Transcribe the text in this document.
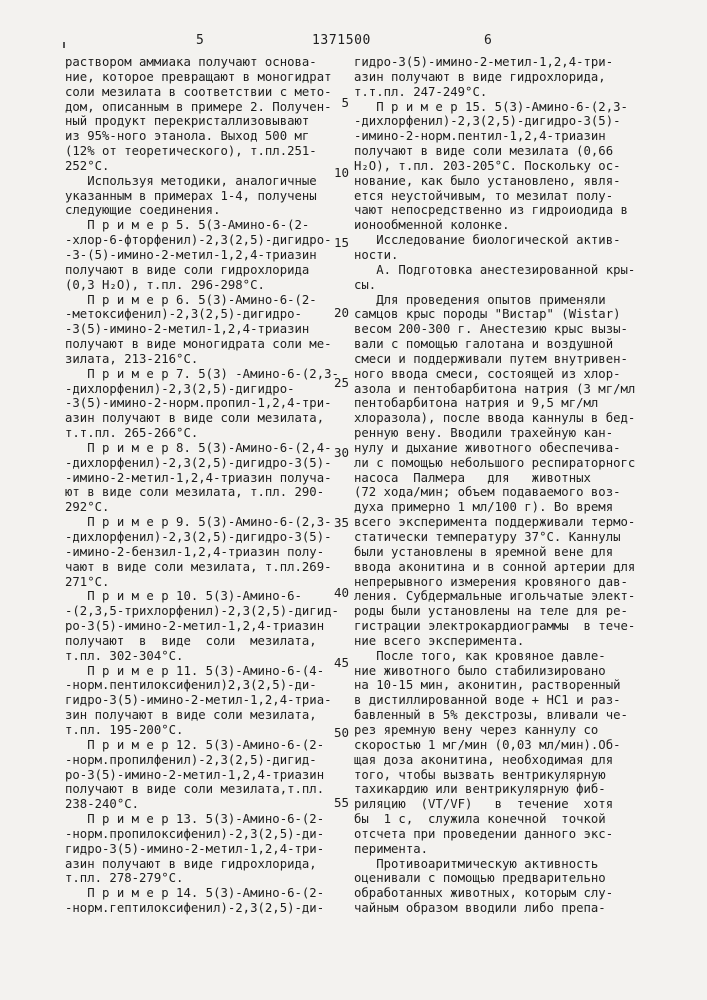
5	1371500	6
раствором аммиака получают основа-
ние, которое превращают в моногидрат
соли мезилата в соответствии с мето-
дом, описанным в примере 2. Получен-
ный продукт перекристаллизовывают
из 95%-ного этанола. Выход 500 мг
(12% от теоретического), т.пл.251-
252°С.
Используя методики, аналогичные
указанным в примерах 1-4, получены
следующие соединения.
П р и м е р 5. 5(3-Амино-6-(2-
-хлор-6-фторфенил)-2,3(2,5)-дигидро-
-3-(5)-имино-2-метил-1,2,4-триазин
получают в виде соли гидрохлорида
(0,3 H₂O), т.пл. 296-298°С.
П р и м е р 6. 5(3)-Амино-6-(2-
-метоксифенил)-2,3(2,5)-дигидро-
-3(5)-имино-2-метил-1,2,4-триазин
получают в виде моногидрата соли ме-
зилата, 213-216°С.
П р и м е р 7. 5(3) -Амино-6-(2,3-
-дихлорфенил)-2,3(2,5)-дигидро-
-3(5)-имино-2-норм.пропил-1,2,4-три-
азин получают в виде соли мезилата,
т.т.пл. 265-266°С.
П р и м е р 8. 5(3)-Амино-6-(2,4-
-дихлорфенил)-2,3(2,5)-дигидро-3(5)-
-имино-2-метил-1,2,4-триазин получа-
ют в виде соли мезилата, т.пл. 290-
292°С.
П р и м е р 9. 5(3)-Амино-6-(2,3-
-дихлорфенил)-2,3(2,5)-дигидро-3(5)-
-имино-2-бензил-1,2,4-триазин полу-
чают в виде соли мезилата, т.пл.269-
271°С.
П р и м е р 10. 5(3)-Амино-6-
-(2,3,5-трихлорфенил)-2,3(2,5)-дигид-
ро-3(5)-имино-2-метил-1,2,4-триазин
получают  в  виде  соли  мезилата,
т.пл. 302-304°С.
П р и м е р 11. 5(3)-Амино-6-(4-
-норм.пентилоксифенил)2,3(2,5)-ди-
гидро-3(5)-имино-2-метил-1,2,4-триа-
зин получают в виде соли мезилата,
т.пл. 195-200°С.
П р и м е р 12. 5(3)-Амино-6-(2-
-норм.пропилфенил)-2,3(2,5)-дигид-
ро-3(5)-имино-2-метил-1,2,4-триазин
получают в виде соли мезилата,т.пл.
238-240°С.
П р и м е р 13. 5(3)-Амино-6-(2-
-норм.пропилоксифенил)-2,3(2,5)-ди-
гидро-3(5)-имино-2-метил-1,2,4-три-
азин получают в виде гидрохлорида,
т.пл. 278-279°С.
П р и м е р 14. 5(3)-Амино-6-(2-
-норм.гептилоксифенил)-2,3(2,5)-ди-
5
10
15
20
25
30
35
40
45
50
55
гидро-3(5)-имино-2-метил-1,2,4-три-
азин получают в виде гидрохлорида,
т.т.пл. 247-249°С.
П р и м е р 15. 5(3)-Амино-6-(2,3-
-дихлорфенил)-2,3(2,5)-дигидро-3(5)-
-имино-2-норм.пентил-1,2,4-триазин
получают в виде соли мезилата (0,66
H₂O), т.пл. 203-205°С. Поскольку ос-
нование, как было установлено, явля-
ется неустойчивым, то мезилат полу-
чают непосредственно из гидроиодида в
ионообменной колонке.
Исследование биологической актив-
ности.
А. Подготовка анестезированной кры-
сы.
Для проведения опытов применяли
самцов крыс породы "Вистар" (Wistar)
весом 200-300 г. Анестезию крыс вызы-
вали с помощью галотана и воздушной
смеси и поддерживали путем внутривен-
ного ввода смеси, состоящей из хлор-
азола и пентобарбитона натрия (3 мг/мл
пентобарбитона натрия и 9,5 мг/мл
хлоразола), после ввода каннулы в бед-
ренную вену. Вводили трахейную кан-
нулу и дыхание животного обеспечива-
ли с помощью небольшого респираторногс
насоса  Палмера   для   животных
(72 хода/мин; объем подаваемого воз-
духа примерно 1 мл/100 г). Во время
всего эксперимента поддерживали термо-
статически температуру 37°С. Каннулы
были установлены в яремной вене для
ввода аконитина и в сонной артерии для
непрерывного измерения кровяного дав-
ления. Субдермальные игольчатые элект-
роды были установлены на теле для ре-
гистрации электрокардиограммы  в тече-
ние всего эксперимента.
После того, как кровяное давле-
ние животного было стабилизировано
на 10-15 мин, аконитин, растворенный
в дистиллированной воде + HC1 и раз-
бавленный в 5% декстрозы, вливали че-
рез яремную вену через каннулу со
скоростью 1 мг/мин (0,03 мл/мин).Об-
щая доза аконитина, необходимая для
того, чтобы вызвать вентрикулярную
тахикардию или вентрикулярную фиб-
риляцию  (VT/VF)   в  течение  хотя
бы  1 с,  служила конечной  точкой
отсчета при проведении данного экс-
перимента.
Противоаритмическую активность
оценивали с помощью предварительно
обработанных животных, которым слу-
чайным образом вводили либо препа-
